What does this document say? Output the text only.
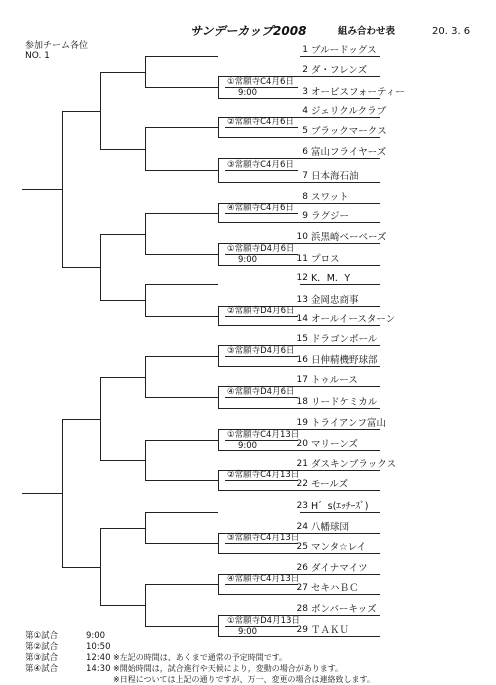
サンデーカップ2008	組み合わせ表	20. 3. 6
参加チーム各位
NO. 1
1 ブルードッグス
2 ダ・フレンズ
3 オービスフォーティー
4 ジェリクルクラブ
5 ブラックマークス
6 富山フライヤーズ
7 日本海石油
8 スワット
9 ラグジー
10 浜黒崎ベーベーズ
11 プロス
12 K．M．Y
13 金岡忠商事
14 オールイースターン
15 ドラゴンボール
16 日伸精機野球部
17 トゥルース
18 リードケミカル
19 トライアンフ富山
20 マリーンズ
21 ダスキンブラックス
22 モールズ
23 H゛s(ｴｯﾁｰｽﾞ)
24 八幡球団
25 マンタ☆レイ
26 ダイナマイツ
27 セキハＢＣ
28 ボンバーキッズ
29 ＴＡＫＵ
①常願寺C4月6日
9:00
②常願寺C4月6日
③常願寺C4月6日
④常願寺C4月6日
①常願寺D4月6日
9:00
②常願寺D4月6日
③常願寺D4月6日
④常願寺D4月6日
①常願寺C4月13日
9:00
②常願寺C4月13日
③常願寺C4月13日
④常願寺C4月13日
①常願寺D4月13日
9:00
第①試合	9:00
第②試合	10:50
第③試合	12:40
第④試合	14:30
※左記の時間は、あくまで通常の予定時間です。
※開始時間は，試合進行や天候により，変動の場合があります。
※日程については上記の通りですが、万一、変更の場合は連絡致します。
